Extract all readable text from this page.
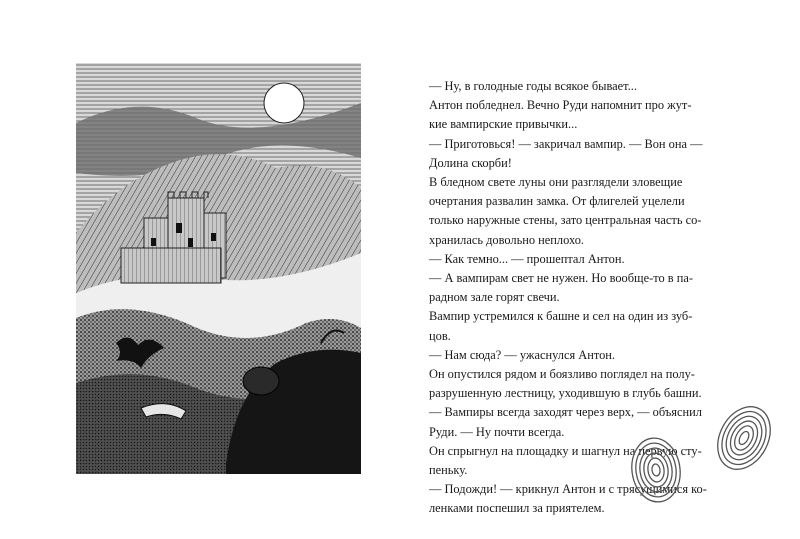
— Ну, в голодные годы всякое бывает...

Антон побледнел. Вечно Руди напомнит про жут-

кие вампирские привычки...

— Приготовься! — закричал вампир. — Вон она —

Долина скорби!

В бледном свете луны они разглядели зловещие

очертания развалин замка. От флигелей уцелели

только наружные стены, зато центральная часть со-

хранилась довольно неплохо.

— Как темно... — прошептал Антон.

— А вампирам свет не нужен. Но вообще-то в па-

радном зале горят свечи.

Вампир устремился к башне и сел на один из зуб-

цов.

— Нам сюда? — ужаснулся Антон.

Он опустился рядом и боязливо поглядел на полу-

разрушенную лестницу, уходившую в глубь башни.

— Вампиры всегда заходят через верх, — объяснил

Руди. — Ну почти всегда.

Он спрыгнул на площадку и шагнул на первую сту-

пеньку.

— Подожди! — крикнул Антон и с трясущимися ко-

ленками поспешил за приятелем.
